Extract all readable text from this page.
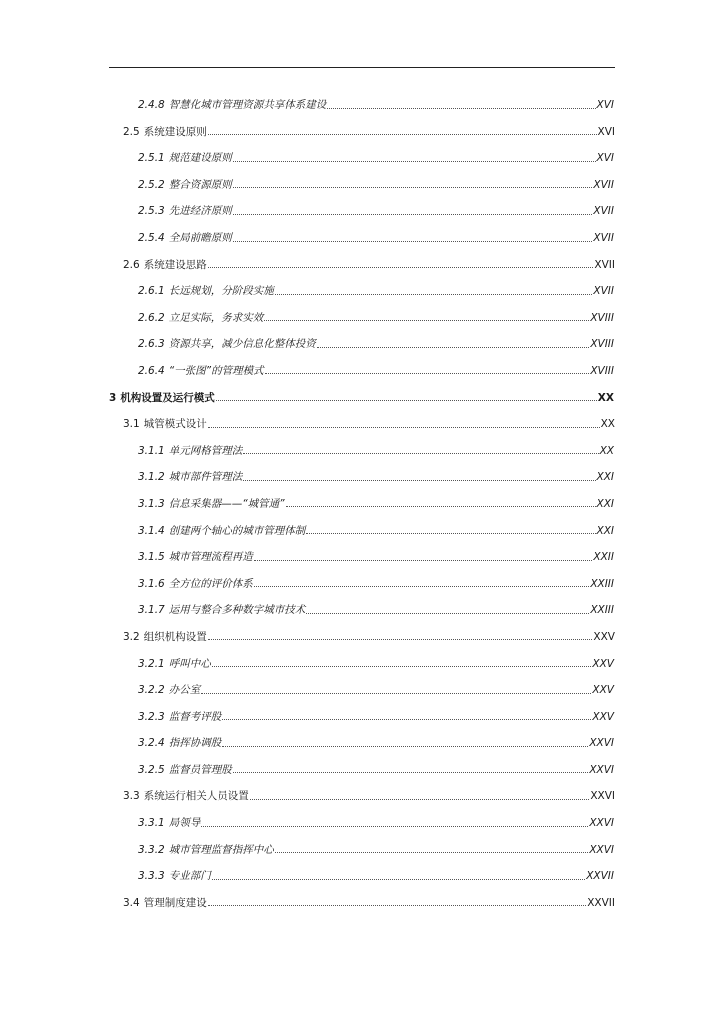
2.4.8 智慧化城市管理资源共享体系建设	XVI
2.5 系统建设原则	XVI
2.5.1 规范建设原则	XVI
2.5.2 整合资源原则	XVII
2.5.3 先进经济原则	XVII
2.5.4 全局前瞻原则	XVII
2.6 系统建设思路	XVII
2.6.1 长远规划，分阶段实施	XVII
2.6.2 立足实际，务求实效	XVIII
2.6.3 资源共享，减少信息化整体投资	XVIII
2.6.4 “一张图”的管理模式	XVIII
3 机构设置及运行模式	XX
3.1 城管模式设计	XX
3.1.1 单元网格管理法	XX
3.1.2 城市部件管理法	XXI
3.1.3 信息采集器——“城管通”	XXI
3.1.4 创建两个轴心的城市管理体制	XXI
3.1.5 城市管理流程再造	XXII
3.1.6 全方位的评价体系	XXIII
3.1.7 运用与整合多种数字城市技术	XXIII
3.2 组织机构设置	XXV
3.2.1 呼叫中心	XXV
3.2.2 办公室	XXV
3.2.3 监督考评股	XXV
3.2.4 指挥协调股	XXVI
3.2.5 监督员管理股	XXVI
3.3 系统运行相关人员设置	XXVI
3.3.1 局领导	XXVI
3.3.2 城市管理监督指挥中心	XXVI
3.3.3 专业部门	XXVII
3.4 管理制度建设	XXVII
